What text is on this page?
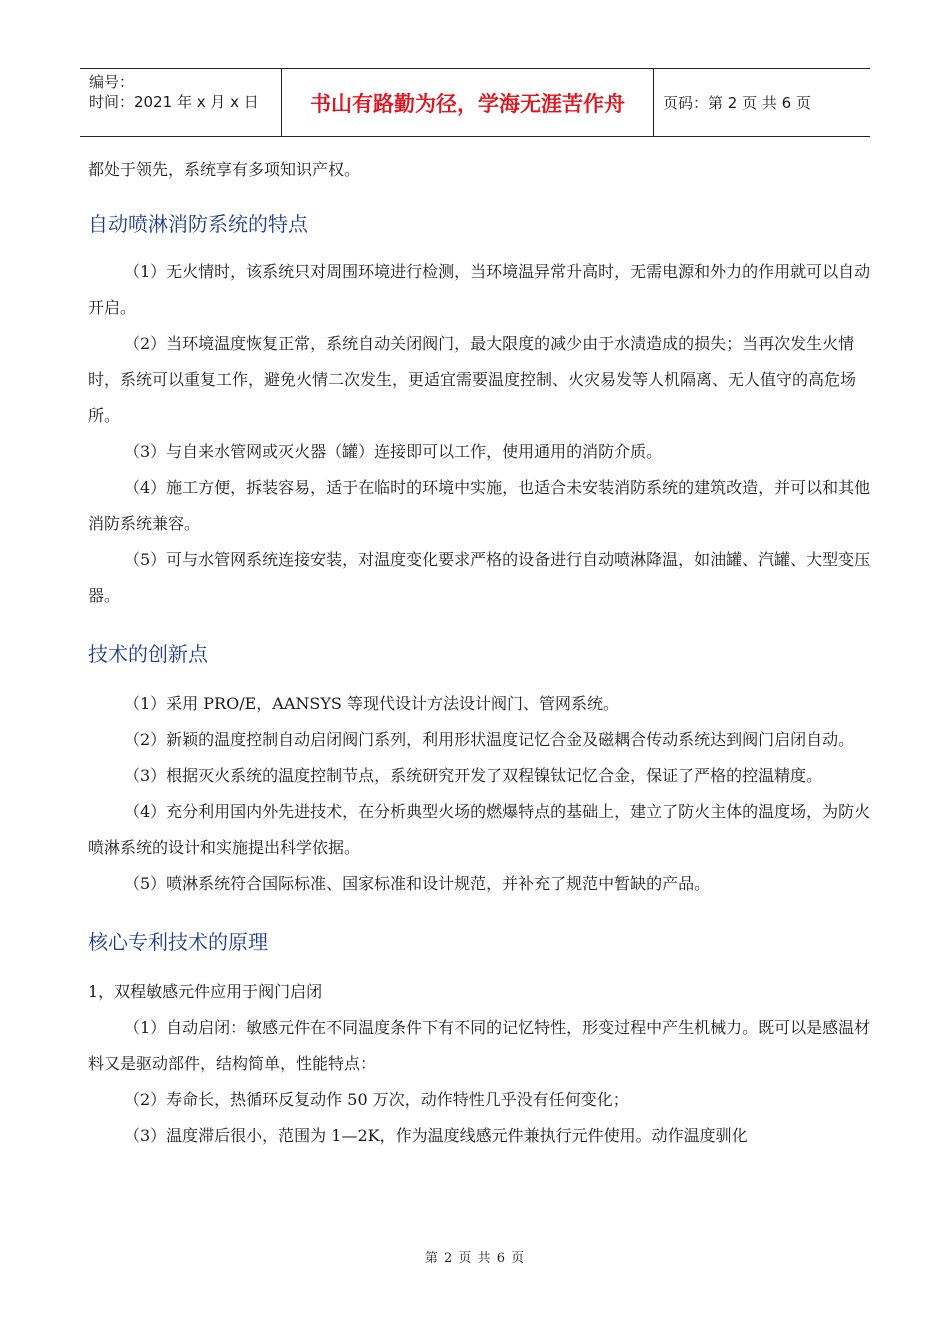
编号：
时间：2021 年 x 月 x 日	书山有路勤为径，学海无涯苦作舟	页码：第 2 页 共 6 页

都处于领先，系统享有多项知识产权。

自动喷淋消防系统的特点

（1）无火情时，该系统只对周围环境进行检测，当环境温异常升高时，无需电源和外力的作用就可以自动开启。

（2）当环境温度恢复正常，系统自动关闭阀门，最大限度的减少由于水渍造成的损失；当再次发生火情时，系统可以重复工作，避免火情二次发生，更适宜需要温度控制、火灾易发等人机隔离、无人值守的高危场所。

（3）与自来水管网或灭火器（罐）连接即可以工作，使用通用的消防介质。

（4）施工方便，拆装容易，适于在临时的环境中实施，也适合未安装消防系统的建筑改造，并可以和其他消防系统兼容。

（5）可与水管网系统连接安装，对温度变化要求严格的设备进行自动喷淋降温，如油罐、汽罐、大型变压器。

技术的创新点

（1）采用 PRO/E，AANSYS 等现代设计方法设计阀门、管网系统。

（2）新颖的温度控制自动启闭阀门系列，利用形状温度记忆合金及磁耦合传动系统达到阀门启闭自动。

（3）根据灭火系统的温度控制节点，系统研究开发了双程镍钛记忆合金，保证了严格的控温精度。

（4）充分利用国内外先进技术，在分析典型火场的燃爆特点的基础上，建立了防火主体的温度场，为防火喷淋系统的设计和实施提出科学依据。

（5）喷淋系统符合国际标准、国家标准和设计规范，并补充了规范中暂缺的产品。

核心专利技术的原理

1，双程敏感元件应用于阀门启闭

（1）自动启闭：敏感元件在不同温度条件下有不同的记忆特性，形变过程中产生机械力。既可以是感温材料又是驱动部件，结构简单，性能特点：

（2）寿命长，热循环反复动作 50 万次，动作特性几乎没有任何变化；

（3）温度滞后很小，范围为 1—2K，作为温度线感元件兼执行元件使用。动作温度驯化

第 2 页 共 6 页
